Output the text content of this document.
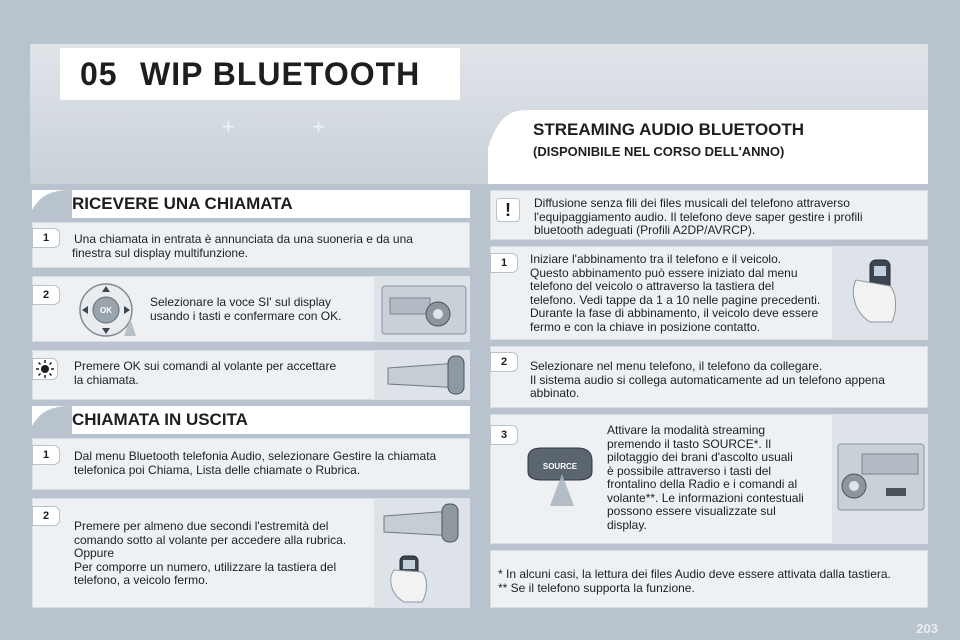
05 WIP BLUETOOTH
+	+	STREAMING AUDIO BLUETOOTH
(DISPONIBILE NEL CORSO DELL'ANNO)
RICEVERE UNA CHIAMATA
1	Una chiamata in entrata è annunciata da una suoneria e da una
finestra sul display multifunzione.
2
OK
Selezionare la voce SI' sul display
usando i tasti e confermare con OK.
Premere OK sui comandi al volante per accettare
la chiamata.
CHIAMATA IN USCITA
1	Dal menu Bluetooth telefonia Audio, selezionare Gestire la chiamata
telefonica poi Chiama, Lista delle chiamate o Rubrica.
2
Premere per almeno due secondi l'estremità del
comando sotto al volante per accedere alla rubrica.
Oppure
Per comporre un numero, utilizzare la tastiera del
telefono, a veicolo fermo.
!	Diffusione senza fili dei files musicali del telefono attraverso
l'equipaggiamento audio. Il telefono deve saper gestire i profili
bluetooth adeguati (Profili A2DP/AVRCP).
1	Iniziare l'abbinamento tra il telefono e il veicolo.
Questo abbinamento può essere iniziato dal menu
telefono del veicolo o attraverso la tastiera del
telefono. Vedi tappe da 1 a 10 nelle pagine precedenti.
Durante la fase di abbinamento, il veicolo deve essere
fermo e con la chiave in posizione contatto.
2	Selezionare nel menu telefono, il telefono da collegare.
Il sistema audio si collega automaticamente ad un telefono appena
abbinato.
3
SOURCE
Attivare la modalità streaming
premendo il tasto SOURCE*. Il
pilotaggio dei brani d'ascolto usuali
è possibile attraverso i tasti del
frontalino della Radio e i comandi al
volante**. Le informazioni contestuali
possono essere visualizzate sul
display.
* In alcuni casi, la lettura dei files Audio deve essere attivata dalla tastiera.
** Se il telefono supporta la funzione.
203
